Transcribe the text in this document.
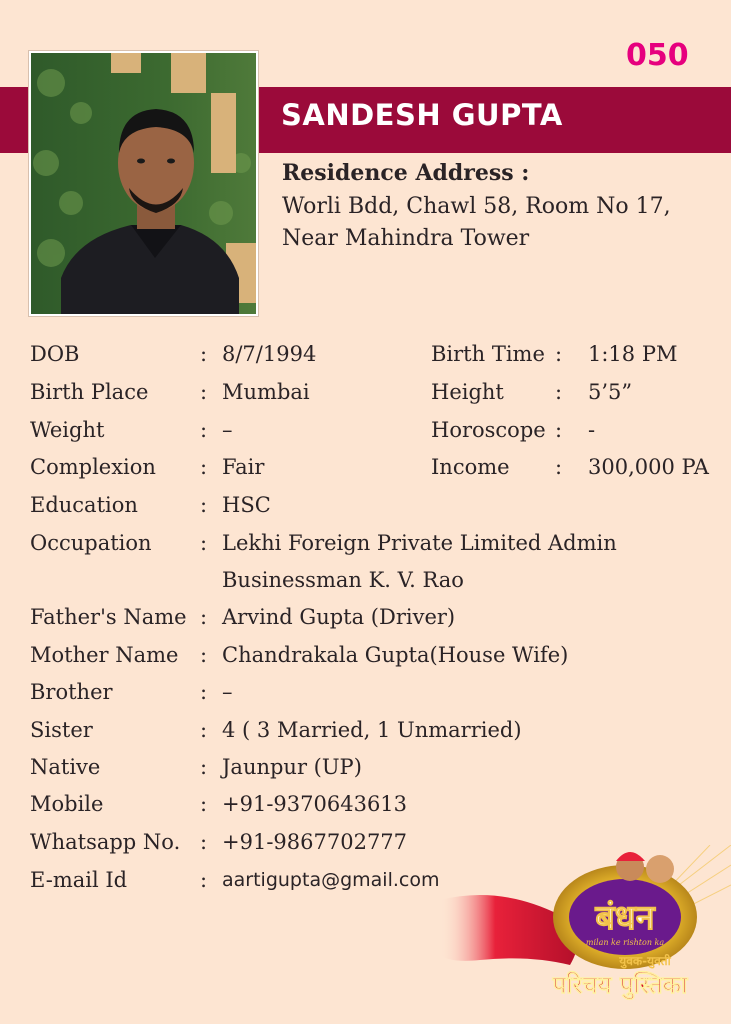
050
SANDESH GUPTA
Residence Address :
Worli Bdd, Chawl 58, Room No 17,
Near Mahindra Tower
DOB	: 8/7/1994	Birth Time : 1:18 PM
Birth Place : Mumbai	Height : 5’5”
Weight	: –	Horoscope : -
Complexion : Fair	Income : 300,000 PA
Education	: HSC
Occupation : Lekhi Foreign Private Limited Admin
Businessman K. V. Rao
Father's Name : Arvind Gupta (Driver)
Mother Name : Chandrakala Gupta(House Wife)
Brother	: –
Sister	: 4 ( 3 Married, 1 Unmarried)
Native	: Jaunpur (UP)
Mobile	: +91-9370643613
Whatsapp No. : +91-9867702777
E-mail Id	: aartigupta@gmail.com
बंधन
milan ke rishton ka
युवक-युवती
परिचय पुस्तिका
